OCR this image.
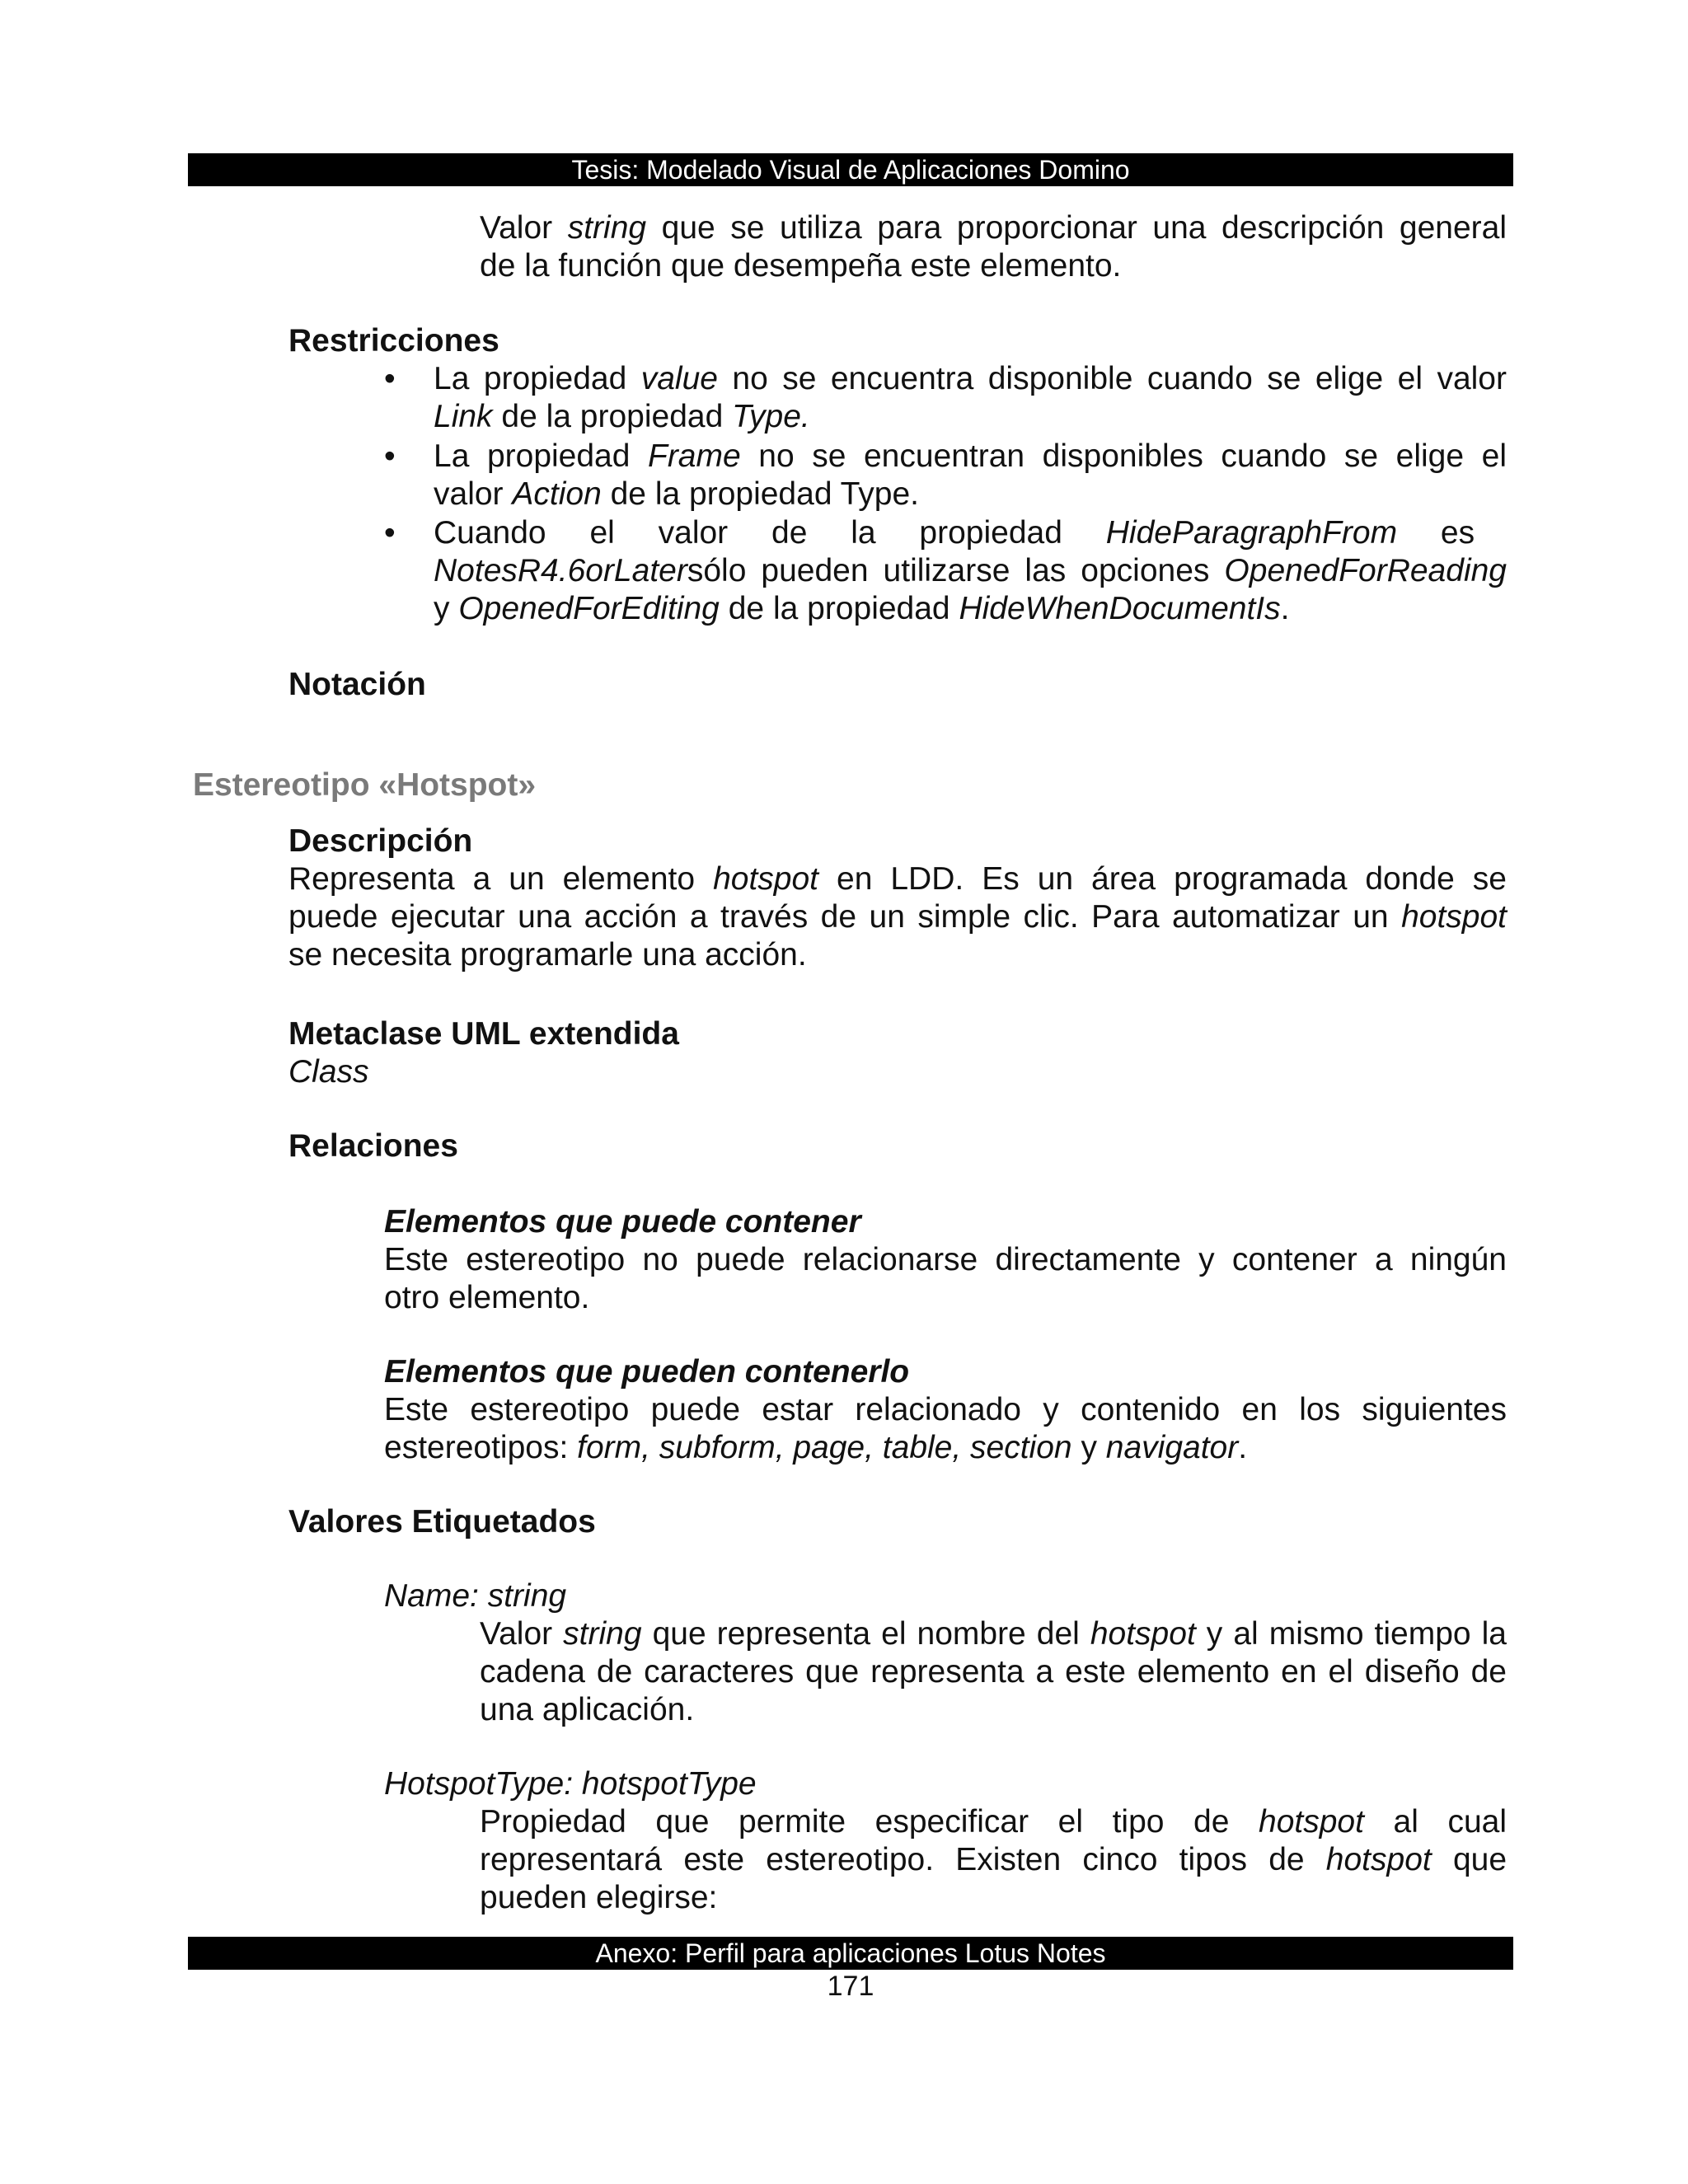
Tesis: Modelado Visual de Aplicaciones Domino
Valor string que se utiliza para proporcionar una descripción general
de la función que desempeña este elemento.
Restricciones
• La propiedad value no se encuentra disponible cuando se elige el valor
Link de la propiedad Type.
• La propiedad Frame no se encuentran disponibles cuando se elige el
valor Action de la propiedad Type.
• Cuando el valor de la propiedad HideParagraphFrom es
NotesR4.6orLatersólo pueden utilizarse las opciones OpenedForReading
y OpenedForEditing de la propiedad HideWhenDocumentIs.
Notación
Estereotipo «Hotspot»
Descripción
Representa a un elemento hotspot en LDD. Es un área programada donde se
puede ejecutar una acción a través de un simple clic. Para automatizar un hotspot
se necesita programarle una acción.
Metaclase UML extendida
Class
Relaciones
Elementos que puede contener
Este estereotipo no puede relacionarse directamente y contener a ningún
otro elemento.
Elementos que pueden contenerlo
Este estereotipo puede estar relacionado y contenido en los siguientes
estereotipos: form, subform, page, table, section y navigator.
Valores Etiquetados
Name: string
Valor string que representa el nombre del hotspot y al mismo tiempo la
cadena de caracteres que representa a este elemento en el diseño de
una aplicación.
HotspotType: hotspotType
Propiedad que permite especificar el tipo de hotspot al cual
representará este estereotipo. Existen cinco tipos de hotspot que
pueden elegirse:
Anexo: Perfil para aplicaciones Lotus Notes
171
